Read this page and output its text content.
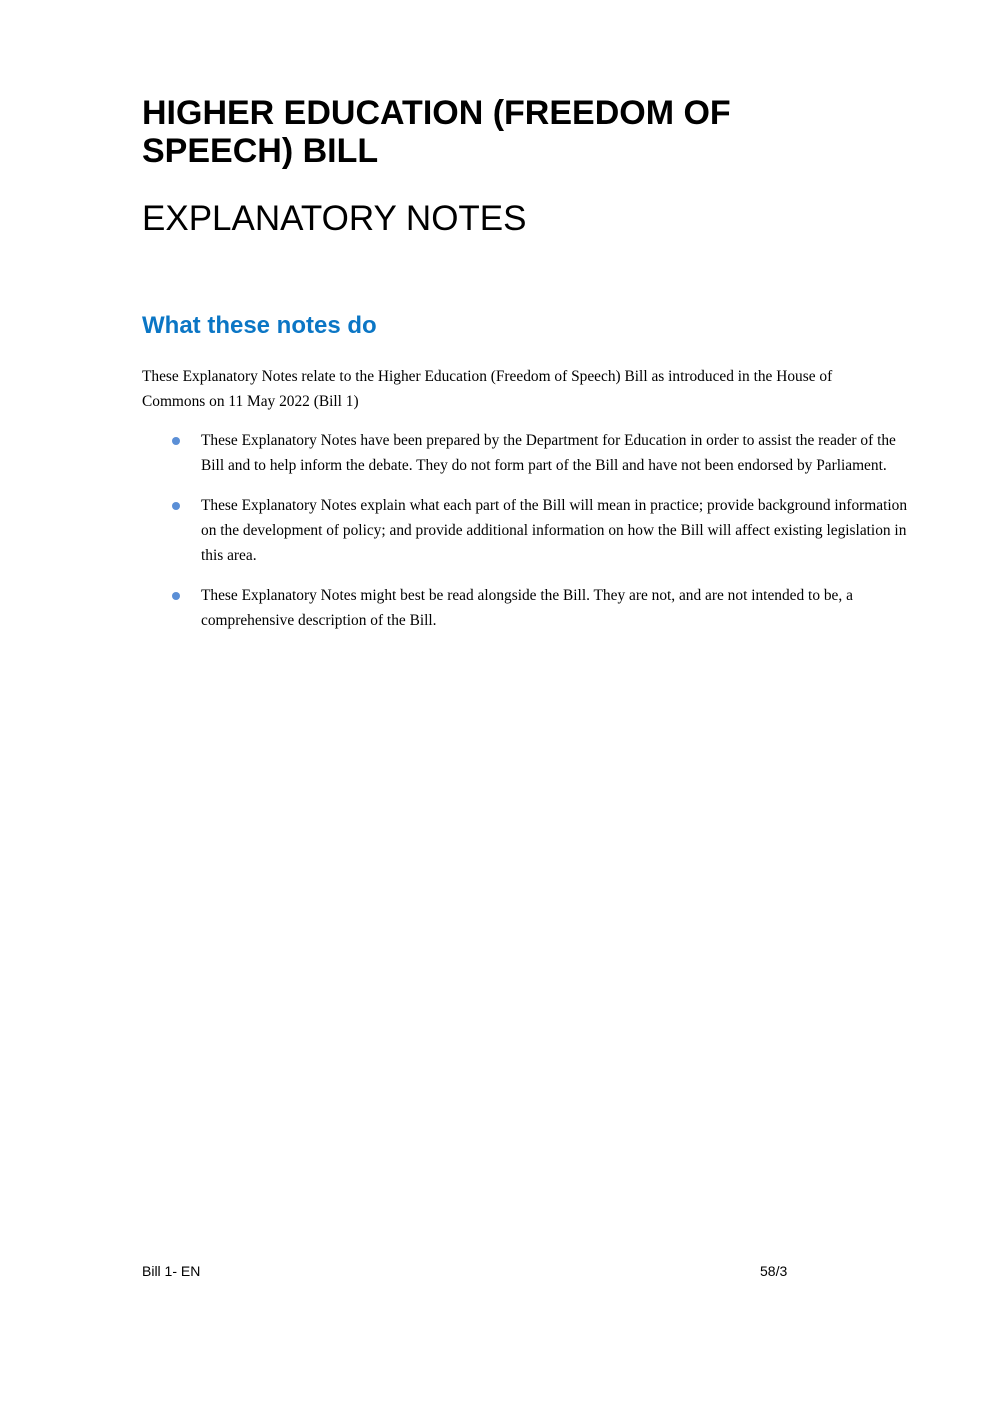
HIGHER EDUCATION (FREEDOM OF SPEECH) BILL
EXPLANATORY NOTES
What these notes do

These Explanatory Notes relate to the Higher Education (Freedom of Speech) Bill as introduced in the House of Commons on 11 May 2022 (Bill 1)

These Explanatory Notes have been prepared by the Department for Education in order to assist the reader of the Bill and to help inform the debate. They do not form part of the Bill and have not been endorsed by Parliament.
These Explanatory Notes explain what each part of the Bill will mean in practice; provide background information on the development of policy; and provide additional information on how the Bill will affect existing legislation in this area.
These Explanatory Notes might best be read alongside the Bill. They are not, and are not intended to be, a comprehensive description of the Bill.
Bill 1- EN	58/3
